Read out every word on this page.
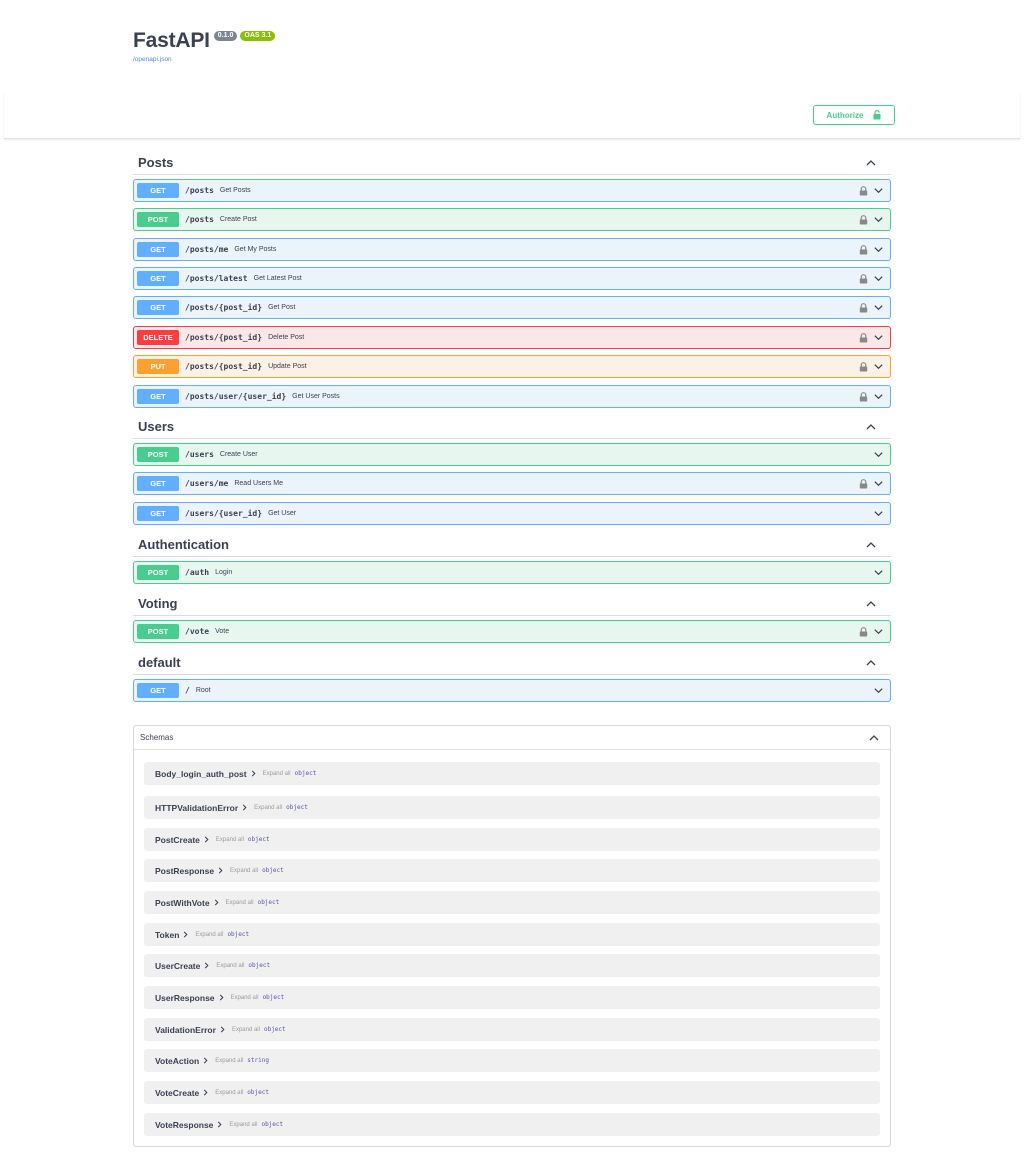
FastAPI	0.1.0	OAS 3.1
/openapi.json
Authorize
Posts
GET	/posts Get Posts
POST	/posts Create Post
GET	/posts/me Get My Posts
GET	/posts/latest Get Latest Post
GET	/posts/{post_id} Get Post
DELETE	/posts/{post_id} Delete Post
PUT	/posts/{post_id} Update Post
GET	/posts/user/{user_id} Get User Posts
Users
POST	/users Create User
GET	/users/me Read Users Me
GET	/users/{user_id} Get User
Authentication
POST	/auth Login
Voting
POST	/vote Vote
default
GET	/ Root
Schemas
Body_login_auth_post	Expand all object
HTTPValidationError	Expand all object
PostCreate	Expand all object
PostResponse	Expand all object
PostWithVote	Expand all object
Token	Expand all object
UserCreate	Expand all object
UserResponse	Expand all object
ValidationError	Expand all object
VoteAction	Expand all string
VoteCreate	Expand all object
VoteResponse	Expand all object
